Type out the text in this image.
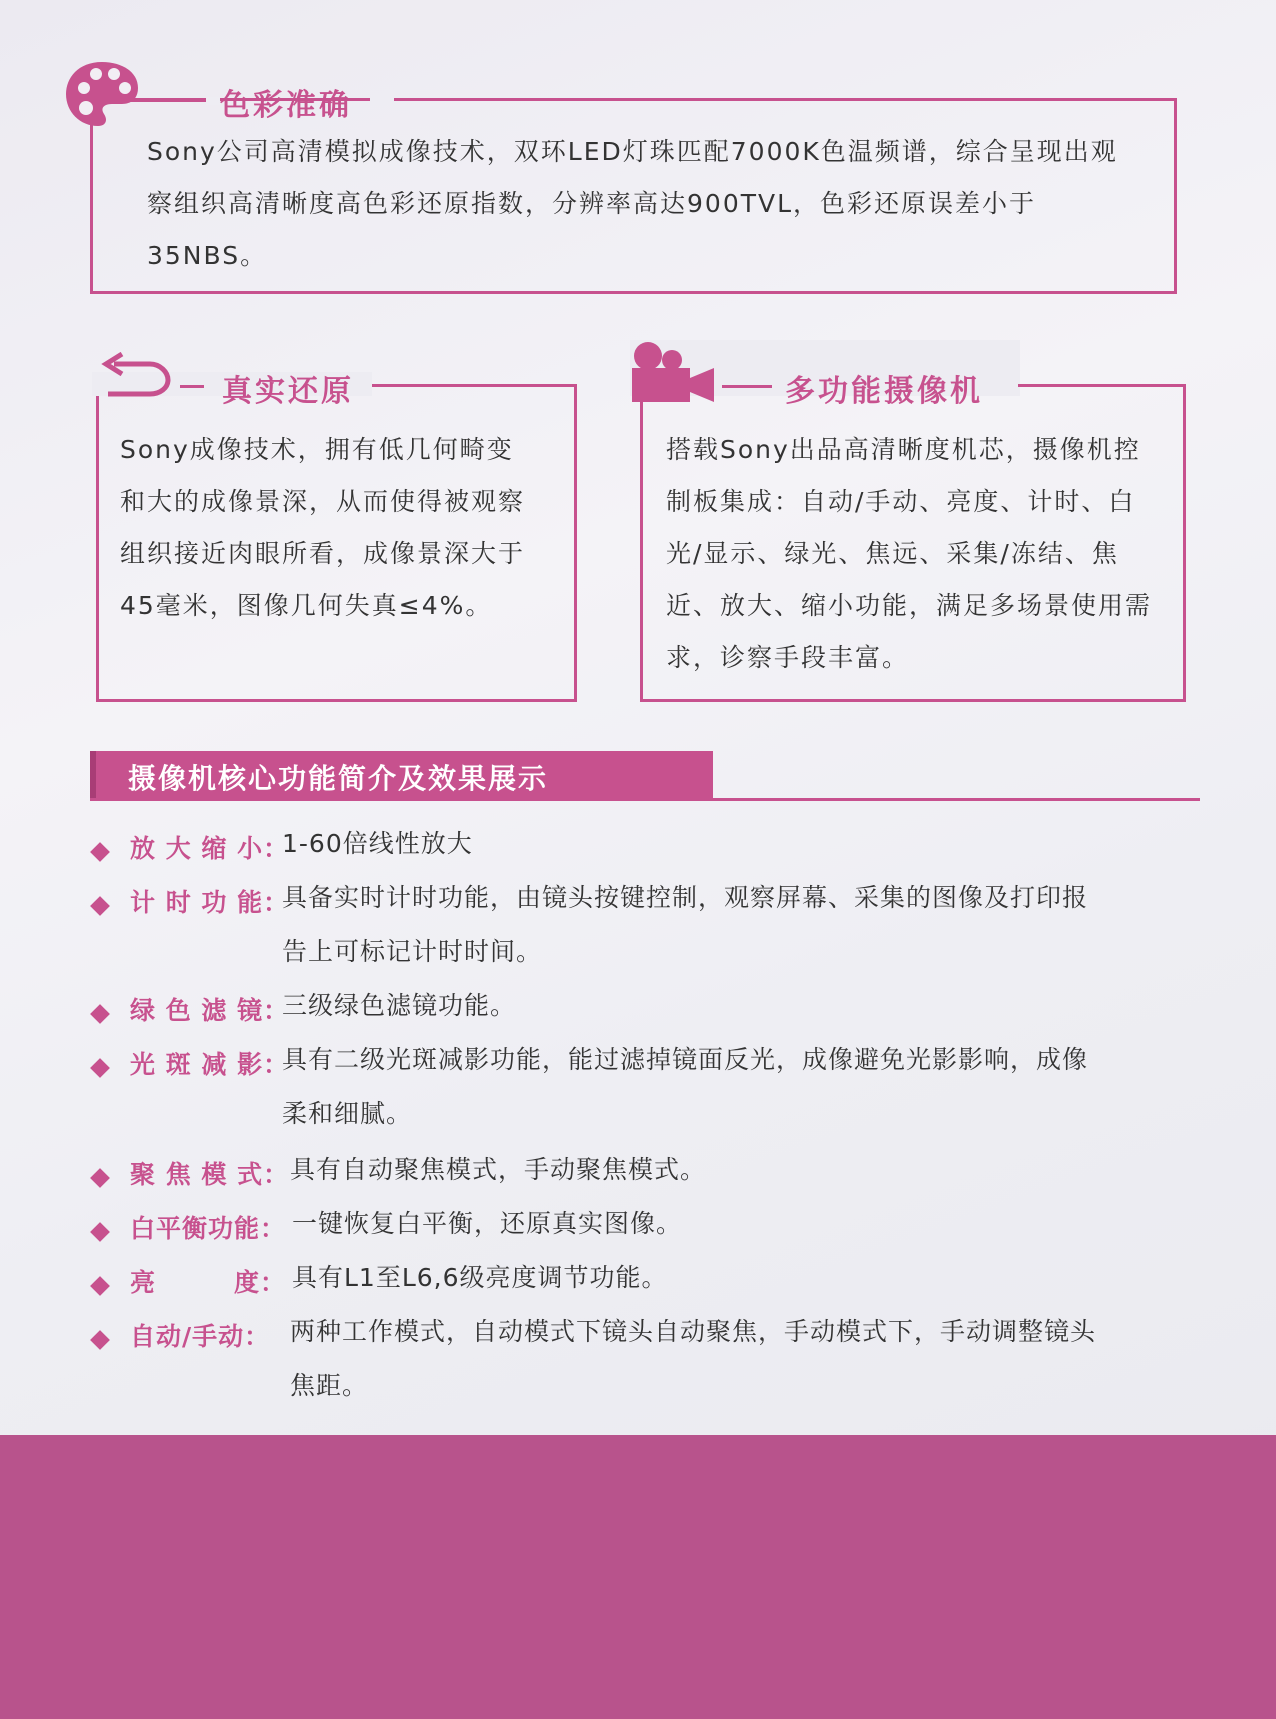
色彩准确
Sony公司高清模拟成像技术，双环LED灯珠匹配7000K色温频谱，综合呈现出观
察组织高清晰度高色彩还原指数，分辨率高达900TVL，色彩还原误差小于
35NBS。
真实还原
Sony成像技术，拥有低几何畸变
和大的成像景深，从而使得被观察
组织接近肉眼所看，成像景深大于
45毫米，图像几何失真≤4%。
多功能摄像机
搭载Sony出品高清晰度机芯，摄像机控
制板集成：自动/手动、亮度、计时、白
光/显示、绿光、焦远、采集/冻结、焦
近、放大、缩小功能，满足多场景使用需
求，诊察手段丰富。
摄像机核心功能简介及效果展示
放 大 缩 小：
1-60倍线性放大
计 时 功 能：
具备实时计时功能，由镜头按键控制，观察屏幕、采集的图像及打印报
告上可标记计时时间。
绿 色 滤 镜：
三级绿色滤镜功能。
光 斑 减 影：
具有二级光斑减影功能，能过滤掉镜面反光，成像避免光影影响，成像
柔和细腻。
聚 焦 模 式： 具有自动聚焦模式，手动聚焦模式。
白平衡功能： 一键恢复白平衡，还原真实图像。
亮　　　度： 具有L1至L6,6级亮度调节功能。
自动/手动： 两种工作模式，自动模式下镜头自动聚焦，手动模式下，手动调整镜头
焦距。
